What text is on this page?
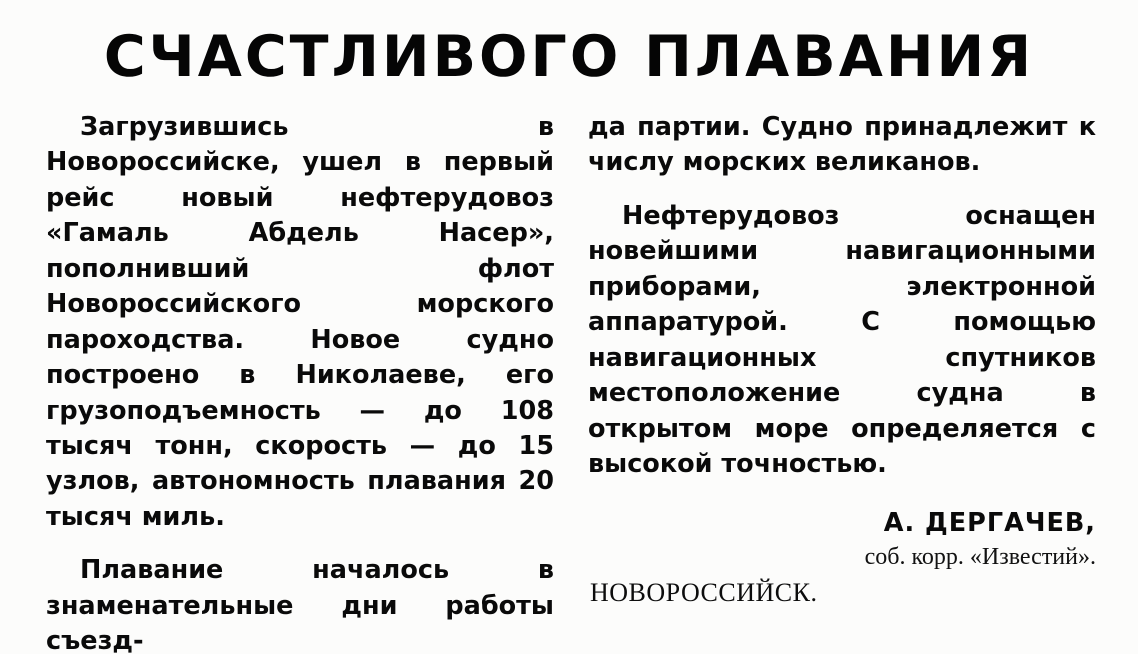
СЧАСТЛИВОГО ПЛАВАНИЯ

Загрузившись в Новороссийске, ушел в первый рейс новый нефтерудовоз «Гамаль Абдель Насер», пополнивший флот Новороссийского морского пароходства. Новое судно построено в Николаеве, его грузоподъемность — до 108 тысяч тонн, скорость — до 15 узлов, автономность плавания 20 тысяч миль.

Плавание началось в знаменательные дни работы съезд-

да партии. Судно принадлежит к числу морских великанов.

Нефтерудовоз оснащен новейшими навигационными приборами, электронной аппаратурой. С помощью навигационных спутников местоположение судна в открытом море определяется с высокой точностью.

А. ДЕРГАЧЕВ,
соб. корр. «Известий».
НОВОРОССИЙСК.
